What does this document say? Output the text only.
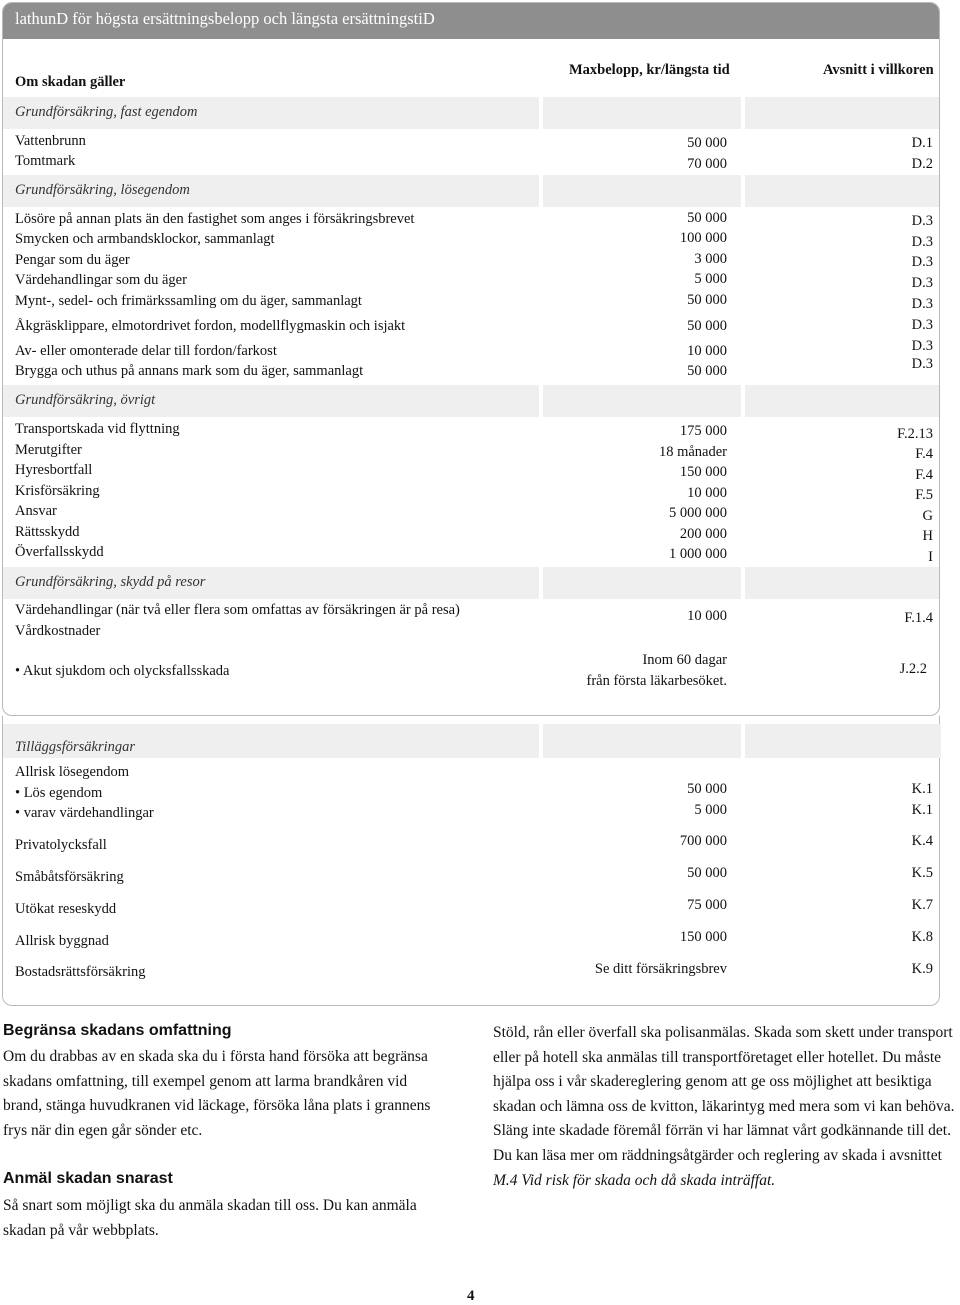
lathunD för högsta ersättningsbelopp och längsta ersättningstiD
Om skadan gäller
Maxbelopp, kr/längsta tid	Avsnitt i villkoren
Grundförsäkring, fast egendom
Vattenbrunn
Tomtmark
50 000
70 000
D.1
D.2
Grundförsäkring, lösegendom
Lösöre på annan plats än den fastighet som anges i försäkringsbrevet
Smycken och armbandsklockor, sammanlagt
Pengar som du äger
Värdehandlingar som du äger
Mynt-, sedel- och frimärkssamling om du äger, sammanlagt
Åkgräsklippare, elmotordrivet fordon, modellflygmaskin och isjakt
Av- eller omonterade delar till fordon/farkost
Brygga och uthus på annans mark som du äger, sammanlagt
50 000
100 000
3 000
5 000
50 000
50 000
10 000
50 000
D.3
D.3
D.3
D.3
D.3
D.3
D.3
D.3
Grundförsäkring, övrigt
Transportskada vid flyttning
Merutgifter
Hyresbortfall
Krisförsäkring
Ansvar
Rättsskydd
Överfallsskydd
175 000
18 månader
150 000
10 000
5 000 000
200 000
1 000 000
F.2.13
F.4
F.4
F.5
G
H
I
Grundförsäkring, skydd på resor
Värdehandlingar (när två eller flera som omfattas av försäkringen är på resa)
Vårdkostnader
• Akut sjukdom och olycksfallsskada
10 000
Inom 60 dagar
från första läkarbesöket.
F.1.4
J.2.2
Tilläggsförsäkringar
Allrisk lösegendom
• Lös egendom
• varav värdehandlingar
Privatolycksfall
Småbåtsförsäkring
Utökat reseskydd
Allrisk byggnad
Bostadsrättsförsäkring
50 000
5 000
700 000
50 000
75 000
150 000
Se ditt försäkringsbrev
K.1
K.1
K.4
K.5
K.7
K.8
K.9
Begränsa skadans omfattning
Om du drabbas av en skada ska du i första hand försöka att begränsa skadans omfattning, till exempel genom att larma brandkåren vid brand, stänga huvudkranen vid läckage, försöka låna plats i grannens frys när din egen går sönder etc.
Anmäl skadan snarast
Så snart som möjligt ska du anmäla skadan till oss. Du kan anmäla skadan på vår webbplats.
Stöld, rån eller överfall ska polisanmälas. Skada som skett under transport eller på hotell ska anmälas till transportföretaget eller hotellet. Du måste hjälpa oss i vår skadereglering genom att ge oss möjlighet att besiktiga skadan och lämna oss de kvitton, läkarintyg med mera som vi kan behöva. Släng inte skadade föremål förrän vi har lämnat vårt godkännande till det. Du kan läsa mer om räddningsåtgärder och reglering av skada i avsnittet M.4 Vid risk för skada och då skada inträffat.
4
